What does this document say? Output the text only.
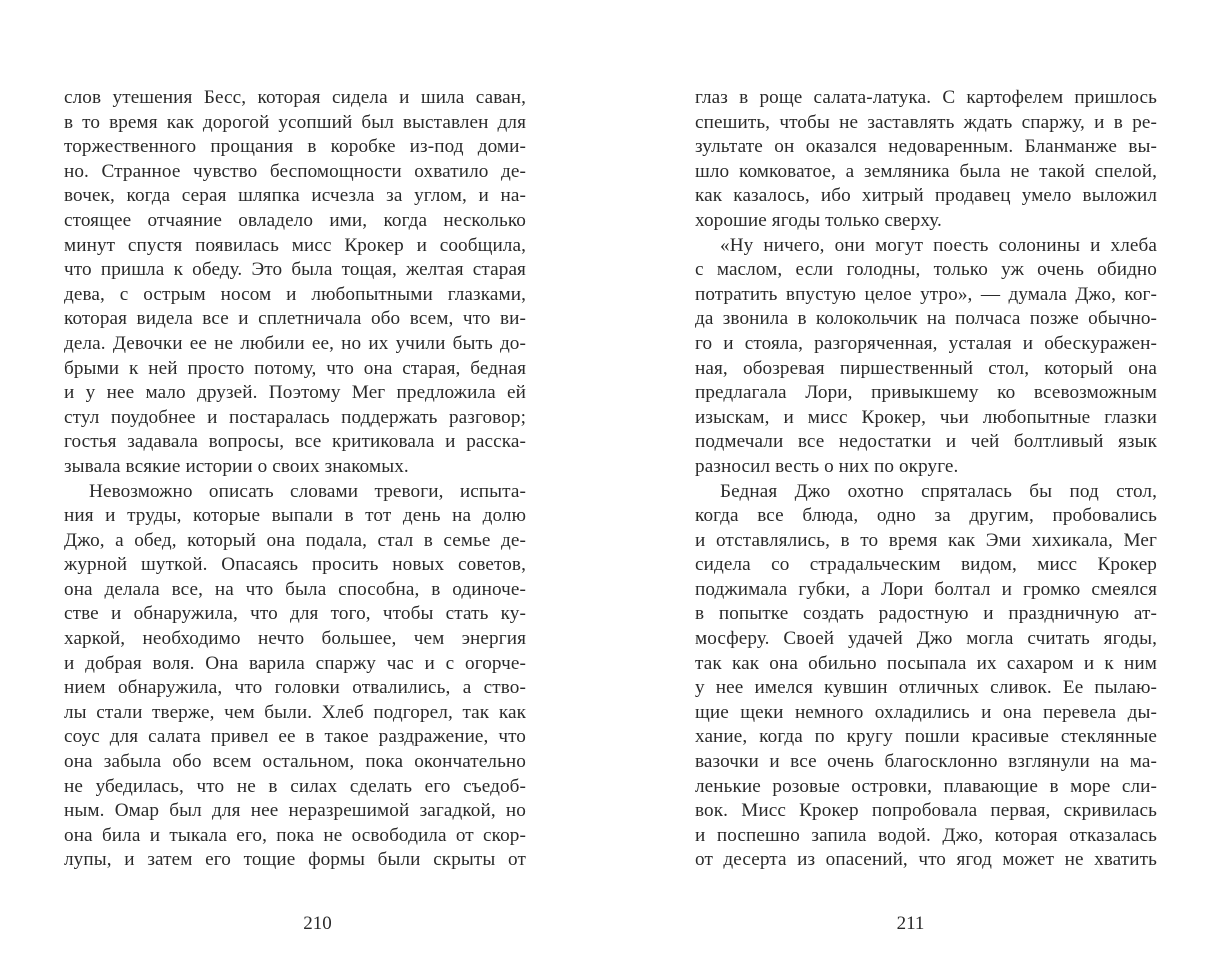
слов утешения Бесс, которая сидела и шила саван,
в то время как дорогой усопший был выставлен для
торжественного прощания в коробке из-под доми-
но. Странное чувство беспомощности охватило де-
вочек, когда серая шляпка исчезла за углом, и на-
стоящее отчаяние овладело ими, когда несколько
минут спустя появилась мисс Крокер и сообщила,
что пришла к обеду. Это была тощая, желтая старая
дева, с острым носом и любопытными глазками,
которая видела все и сплетничала обо всем, что ви-
дела. Девочки ее не любили ее, но их учили быть до-
брыми к ней просто потому, что она старая, бедная
и у нее мало друзей. Поэтому Мег предложила ей
стул поудобнее и постаралась поддержать разговор;
гостья задавала вопросы, все критиковала и расска-
зывала всякие истории о своих знакомых.
Невозможно описать словами тревоги, испыта-
ния и труды, которые выпали в тот день на долю
Джо, а обед, который она подала, стал в семье де-
журной шуткой. Опасаясь просить новых советов,
она делала все, на что была способна, в одиноче-
стве и обнаружила, что для того, чтобы стать ку-
харкой, необходимо нечто большее, чем энергия
и добрая воля. Она варила спаржу час и с огорче-
нием обнаружила, что головки отвалились, а ство-
лы стали тверже, чем были. Хлеб подгорел, так как
соус для салата привел ее в такое раздражение, что
она забыла обо всем остальном, пока окончательно
не убедилась, что не в силах сделать его съедоб-
ным. Омар был для нее неразрешимой загадкой, но
она била и тыкала его, пока не освободила от скор-
лупы, и затем его тощие формы были скрыты от
210
глаз в роще салата-латука. С картофелем пришлось
спешить, чтобы не заставлять ждать спаржу, и в ре-
зультате он оказался недоваренным. Бланманже вы-
шло комковатое, а земляника была не такой спелой,
как казалось, ибо хитрый продавец умело выложил
хорошие ягоды только сверху.
«Ну ничего, они могут поесть солонины и хлеба
с маслом, если голодны, только уж очень обидно
потратить впустую целое утро», — думала Джо, ког-
да звонила в колокольчик на полчаса позже обычно-
го и стояла, разгоряченная, усталая и обескуражен-
ная, обозревая пиршественный стол, который она
предлагала Лори, привыкшему ко всевозможным
изыскам, и мисс Крокер, чьи любопытные глазки
подмечали все недостатки и чей болтливый язык
разносил весть о них по округе.
Бедная Джо охотно спряталась бы под стол,
когда все блюда, одно за другим, пробовались
и отставлялись, в то время как Эми хихикала, Мег
сидела со страдальческим видом, мисс Крокер
поджимала губки, а Лори болтал и громко смеялся
в попытке создать радостную и праздничную ат-
мосферу. Своей удачей Джо могла считать ягоды,
так как она обильно посыпала их сахаром и к ним
у нее имелся кувшин отличных сливок. Ее пылаю-
щие щеки немного охладились и она перевела ды-
хание, когда по кругу пошли красивые стеклянные
вазочки и все очень благосклонно взглянули на ма-
ленькие розовые островки, плавающие в море сли-
вок. Мисс Крокер попробовала первая, скривилась
и поспешно запила водой. Джо, которая отказалась
от десерта из опасений, что ягод может не хватить
211
